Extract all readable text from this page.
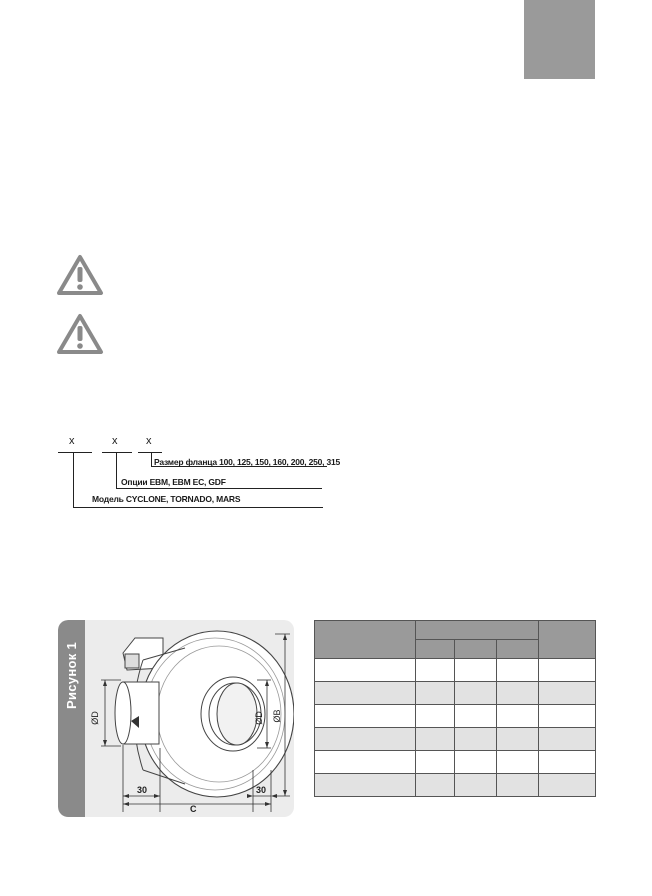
x	x	x
Размер фланца 100, 125, 150, 160, 200, 250, 315
Опции EBM, EBM EC, GDF
Модель CYCLONE, TORNADO, MARS
Рисунок 1
ØD	ØD ØB
30
C
30
